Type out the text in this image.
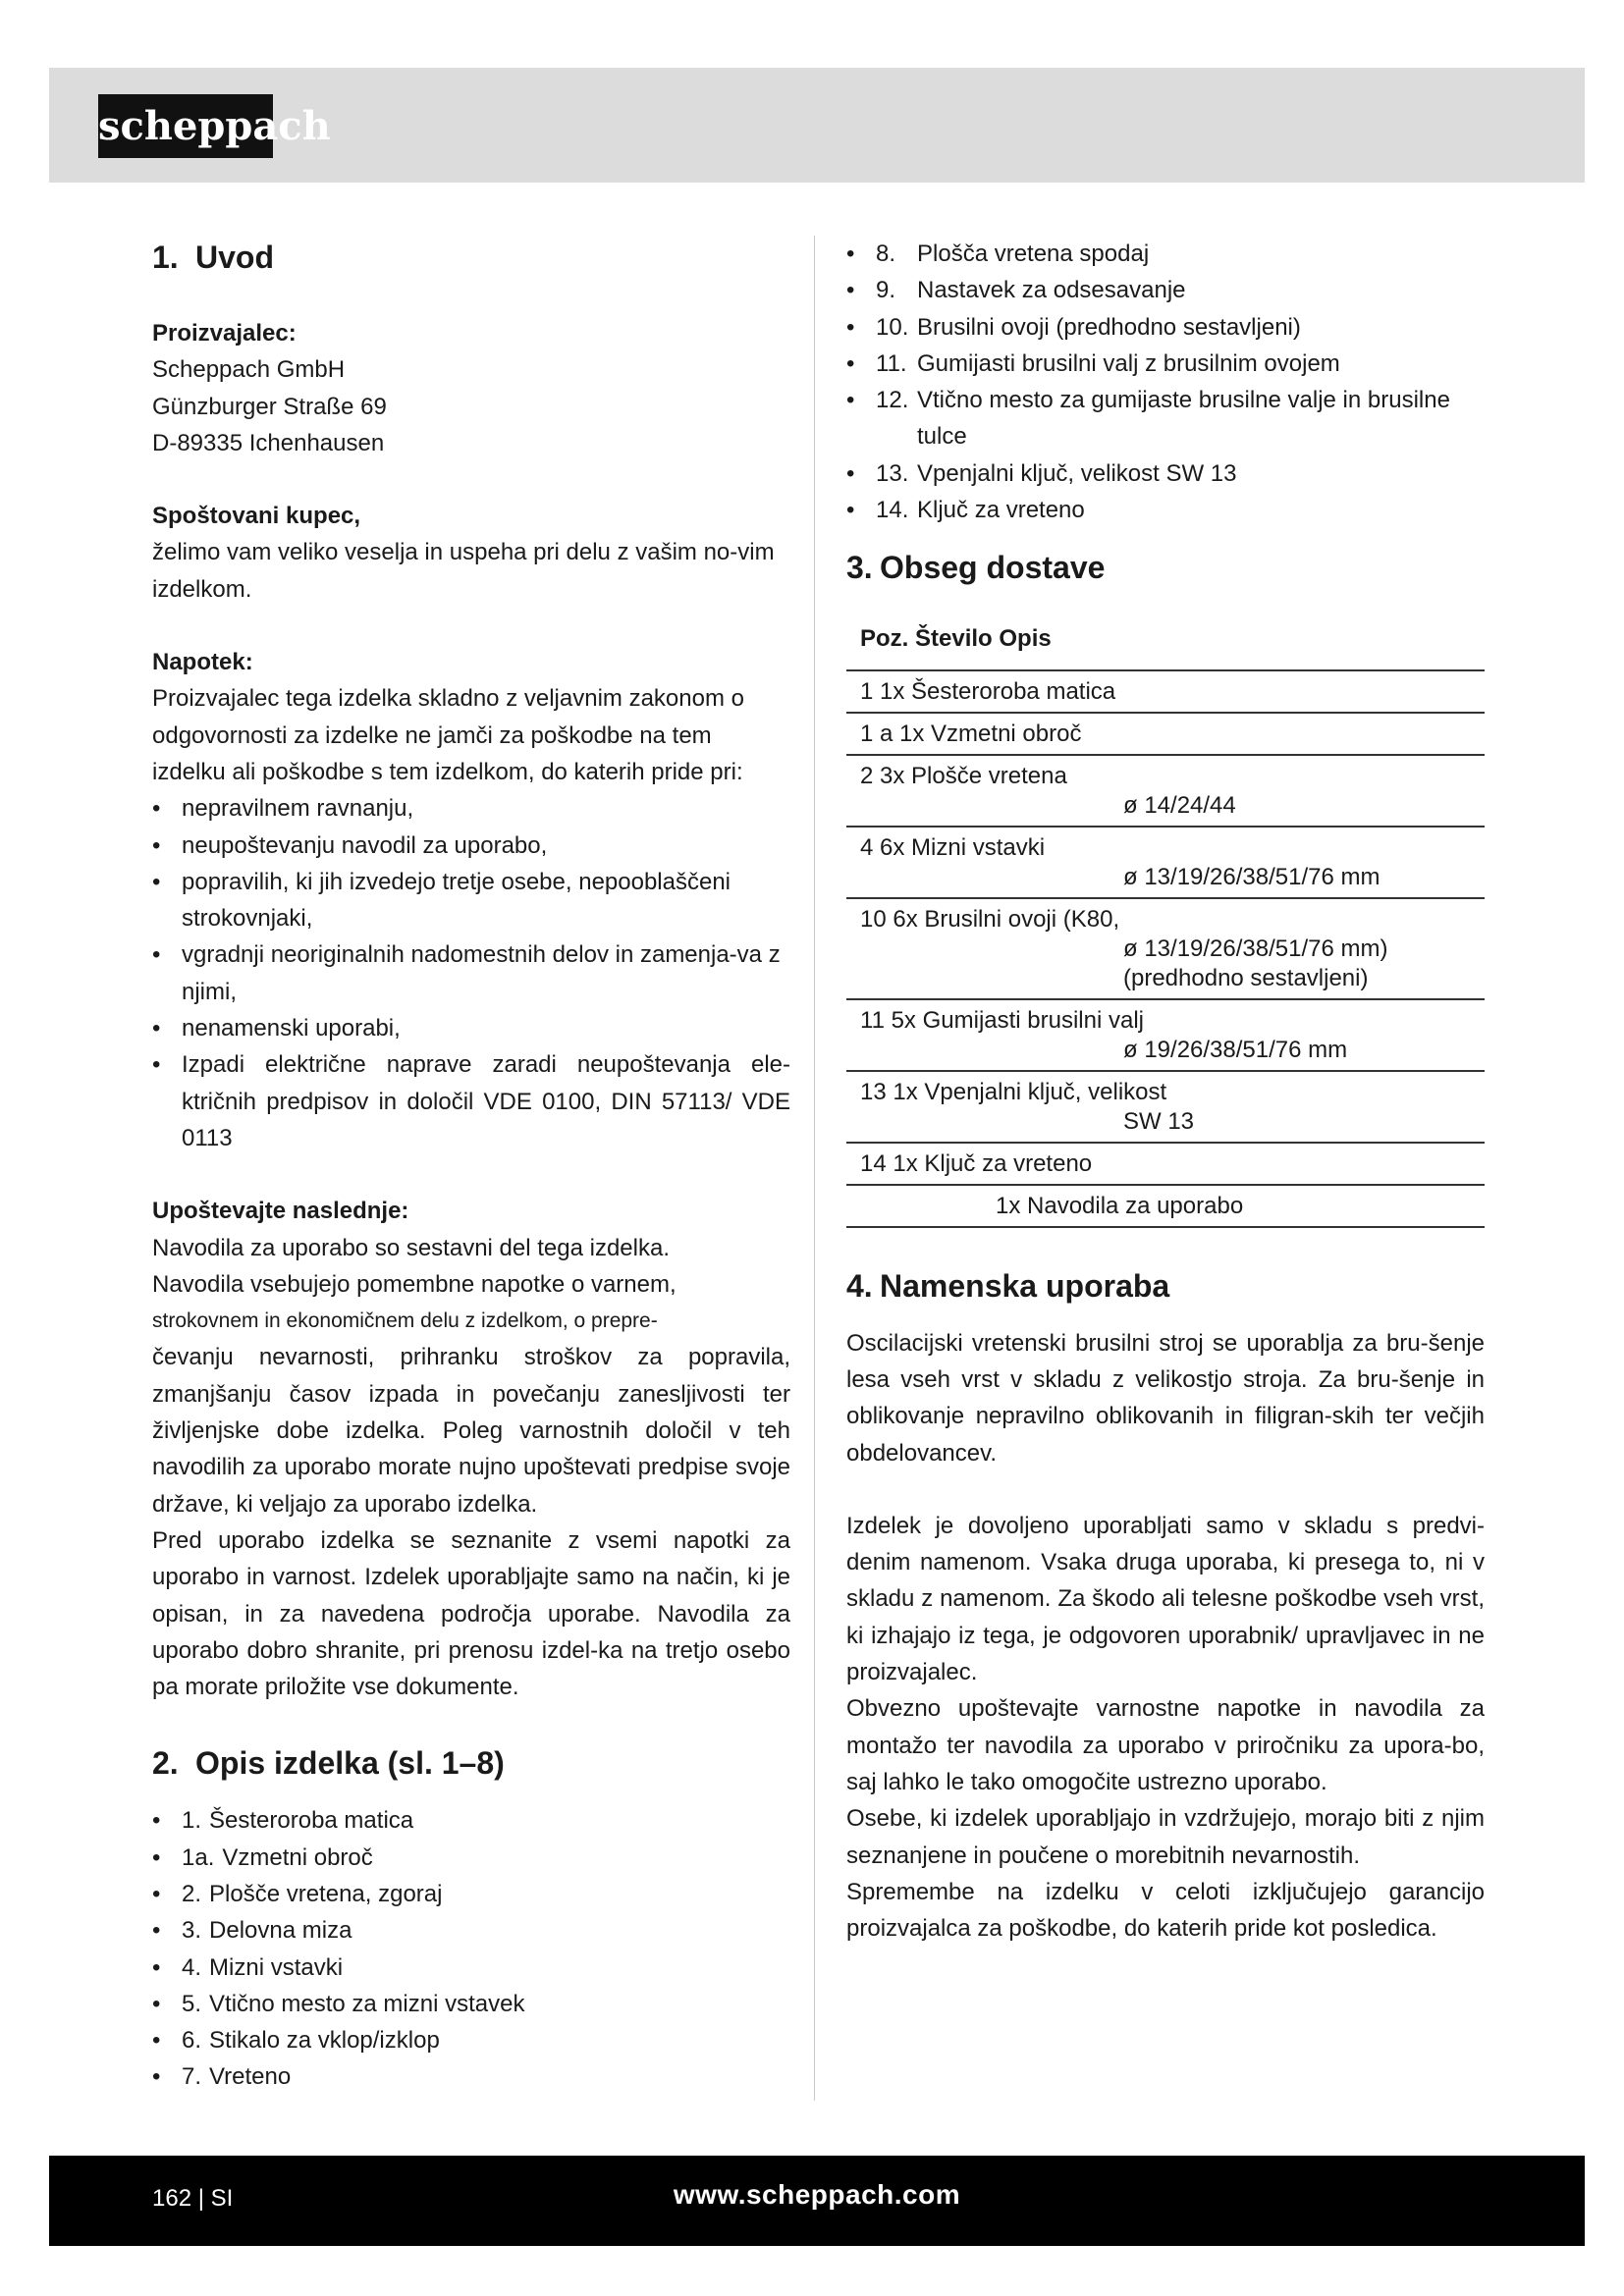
scheppach
1. Uvod

Proizvajalec:

Scheppach GmbH

Günzburger Straße 69

D-89335 Ichenhausen

Spoštovani kupec,

želimo vam veliko veselja in uspeha pri delu z vašim no-vim izdelkom.

Napotek:

Proizvajalec tega izdelka skladno z veljavnim zakonom o odgovornosti za izdelke ne jamči za poškodbe na tem izdelku ali poškodbe s tem izdelkom, do katerih pride pri:

• nepravilnem ravnanju,
• neupoštevanju navodil za uporabo,
• popravilih, ki jih izvedejo tretje osebe, nepooblaščeni strokovnjaki,
• vgradnji neoriginalnih nadomestnih delov in zamenja-va z njimi,
• nenamenski uporabi,
• Izpadi električne naprave zaradi neupoštevanja ele-ktričnih predpisov in določil VDE 0100, DIN 57113/ VDE 0113

Upoštevajte naslednje:

Navodila za uporabo so sestavni del tega izdelka.

Navodila vsebujejo pomembne napotke o varnem,

strokovnem in ekonomičnem delu z izdelkom, o prepre-

čevanju nevarnosti, prihranku stroškov za popravila, zmanjšanju časov izpada in povečanju zanesljivosti ter življenjske dobe izdelka. Poleg varnostnih določil v teh navodilih za uporabo morate nujno upoštevati predpise svoje države, ki veljajo za uporabo izdelka.

Pred uporabo izdelka se seznanite z vsemi napotki za uporabo in varnost. Izdelek uporabljajte samo na način, ki je opisan, in za navedena področja uporabe. Navodila za uporabo dobro shranite, pri prenosu izdel-ka na tretjo osebo pa morate priložite vse dokumente.

2. Opis izdelka (sl. 1–8)
• 1. Šesteroroba matica
• 1a. Vzmetni obroč
• 2. Plošče vretena, zgoraj
• 3. Delovna miza
• 4. Mizni vstavki
• 5. Vtično mesto za mizni vstavek
• 6. Stikalo za vklop/izklop
• 7. Vreteno
• 8. Plošča vretena spodaj
• 9. Nastavek za odsesavanje
• 10. Brusilni ovoji (predhodno sestavljeni)
• 11. Gumijasti brusilni valj z brusilnim ovojem
• 12. Vtično mesto za gumijaste brusilne valje in brusilne tulce
• 13. Vpenjalni ključ, velikost SW 13
• 14. Ključ za vreteno
3. Obseg dostave
Poz. Število Opis
1 1x Šesteroroba matica
1 a 1x Vzmetni obroč
2 3x Plošče vretena
ø 14/24/44
4 6x Mizni vstavki
ø 13/19/26/38/51/76 mm
10 6x Brusilni ovoji (K80,
ø 13/19/26/38/51/76 mm)
(predhodno sestavljeni)
11 5x Gumijasti brusilni valj
ø 19/26/38/51/76 mm
13 1x Vpenjalni ključ, velikost
SW 13
14 1x Ključ za vreteno
1x Navodila za uporabo
4. Namenska uporaba

Oscilacijski vretenski brusilni stroj se uporablja za bru-šenje lesa vseh vrst v skladu z velikostjo stroja. Za bru-šenje in oblikovanje nepravilno oblikovanih in filigran-skih ter večjih obdelovancev.

Izdelek je dovoljeno uporabljati samo v skladu s predvi-denim namenom. Vsaka druga uporaba, ki presega to, ni v skladu z namenom. Za škodo ali telesne poškodbe vseh vrst, ki izhajajo iz tega, je odgovoren uporabnik/ upravljavec in ne proizvajalec.

Obvezno upoštevajte varnostne napotke in navodila za montažo ter navodila za uporabo v priročniku za upora-bo, saj lahko le tako omogočite ustrezno uporabo.

Osebe, ki izdelek uporabljajo in vzdržujejo, morajo biti z njim seznanjene in poučene o morebitnih nevarnostih.

Spremembe na izdelku v celoti izključujejo garancijo proizvajalca za poškodbe, do katerih pride kot posledica.

162 | SI	www.scheppach.com
